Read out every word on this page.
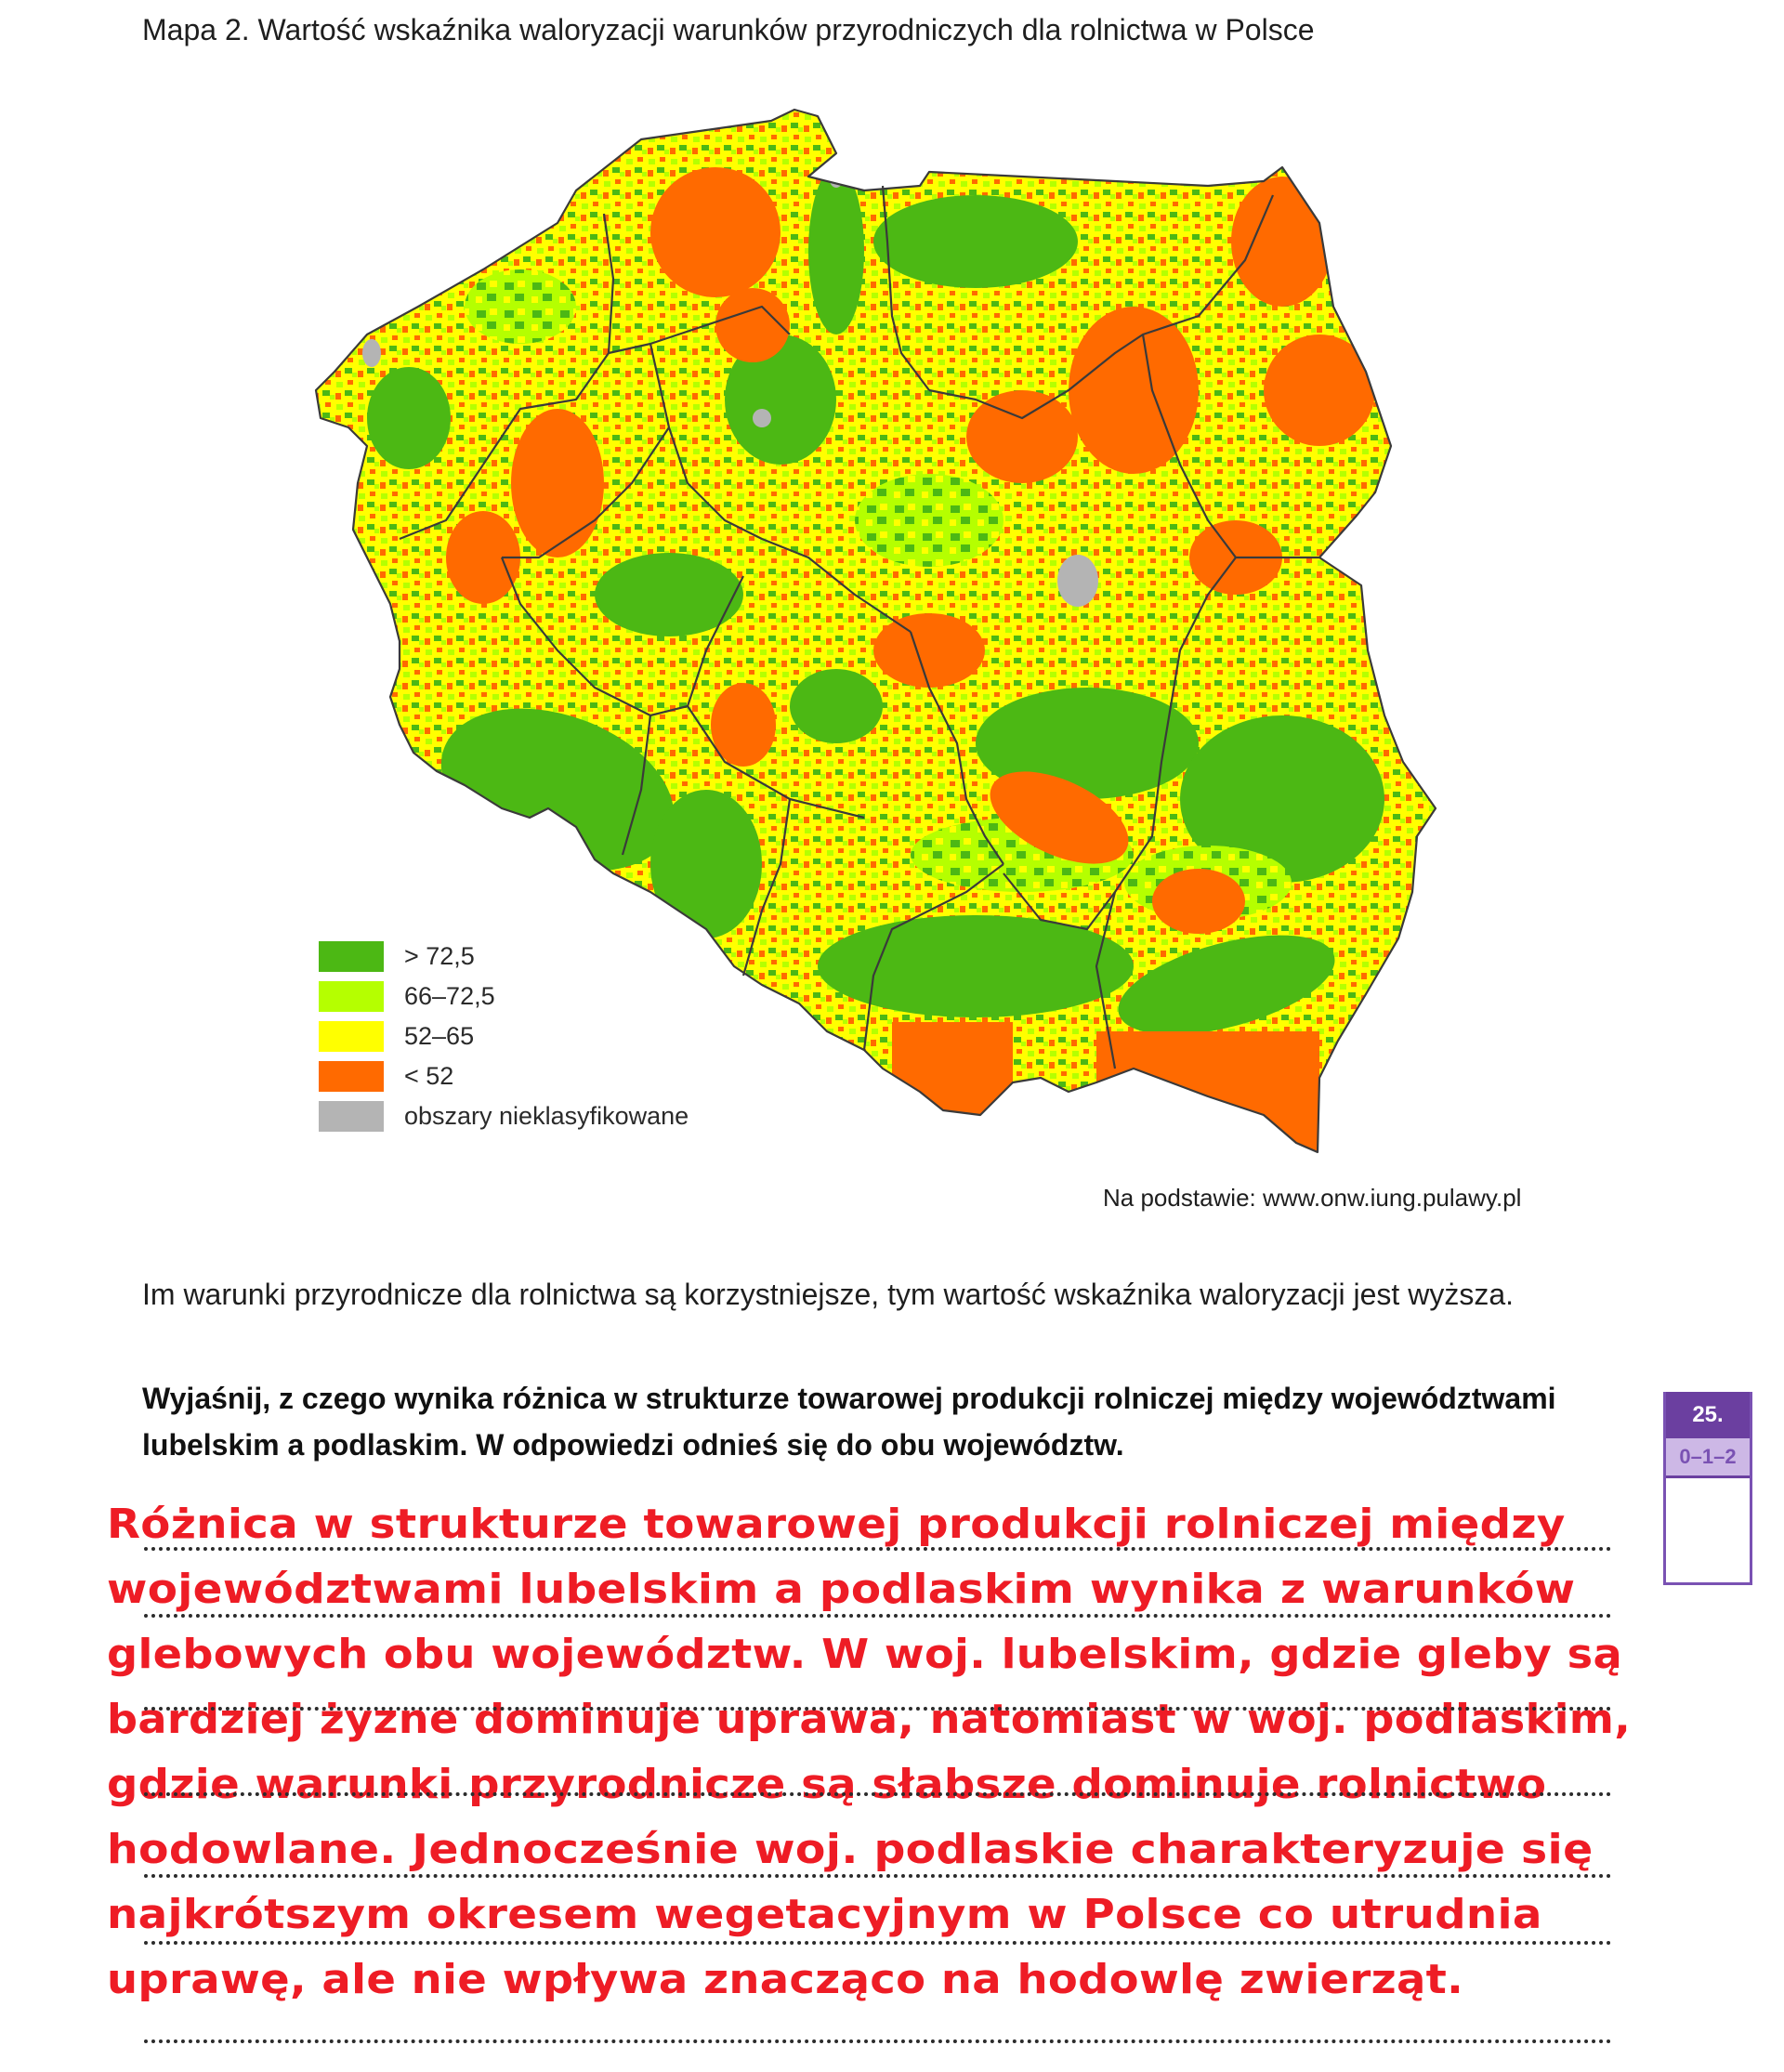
Mapa 2. Wartość wskaźnika waloryzacji warunków przyrodniczych dla rolnictwa w Polsce
> 72,5
66–72,5
52–65
< 52
obszary nieklasyfikowane
Na podstawie: www.onw.iung.pulawy.pl
Im warunki przyrodnicze dla rolnictwa są korzystniejsze, tym wartość wskaźnika waloryzacji jest wyższa.
Wyjaśnij, z czego wynika różnica w strukturze towarowej produkcji rolniczej między województwami lubelskim a podlaskim. W odpowiedzi odnieś się do obu województw.
25.
0–1–2
Różnica w strukturze towarowej produkcji rolniczej między
województwami lubelskim a podlaskim wynika z warunków
glebowych obu województw. W woj. lubelskim, gdzie gleby są
bardziej żyzne dominuje uprawa, natomiast w woj. podlaskim,
gdzie warunki przyrodnicze są słabsze dominuje rolnictwo
hodowlane. Jednocześnie woj. podlaskie charakteryzuje się
najkrótszym okresem wegetacyjnym w Polsce co utrudnia
uprawę, ale nie wpływa znacząco na hodowlę zwierząt.
